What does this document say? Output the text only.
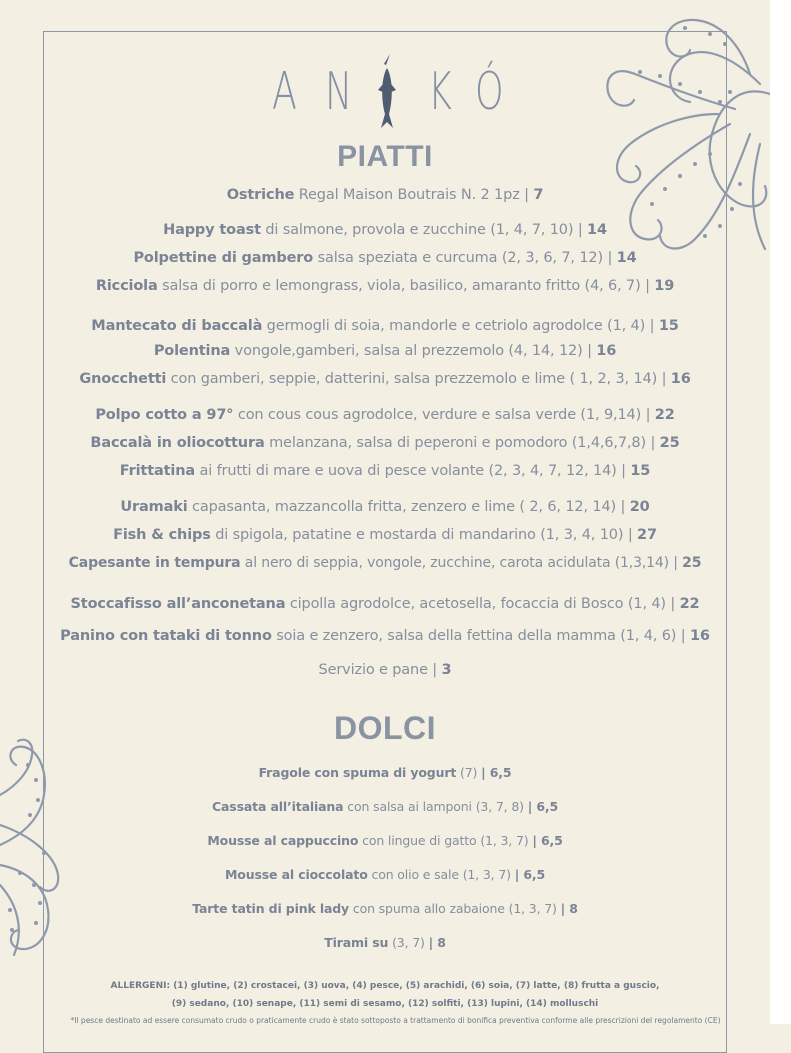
A N K Ó
PIATTI
Ostriche Regal Maison Boutrais N. 2 1pz | 7
Happy toast di salmone, provola e zucchine (1, 4, 7, 10) | 14
Polpettine di gambero salsa speziata e curcuma (2, 3, 6, 7, 12) | 14
Ricciola salsa di porro e lemongrass, viola, basilico, amaranto fritto (4, 6, 7) | 19
Mantecato di baccalà germogli di soia, mandorle e cetriolo agrodolce (1, 4) | 15
Polentina vongole,gamberi, salsa al prezzemolo (4, 14, 12) | 16
Gnocchetti con gamberi, seppie, datterini, salsa prezzemolo e lime ( 1, 2, 3, 14) | 16
Polpo cotto a 97° con cous cous agrodolce, verdure e salsa verde (1, 9,14) | 22
Baccalà in oliocottura melanzana, salsa di peperoni e pomodoro (1,4,6,7,8) | 25
Frittatina ai frutti di mare e uova di pesce volante (2, 3, 4, 7, 12, 14) | 15
Uramaki capasanta, mazzancolla fritta, zenzero e lime ( 2, 6, 12, 14) | 20
Fish & chips di spigola, patatine e mostarda di mandarino (1, 3, 4, 10) | 27
Capesante in tempura al nero di seppia, vongole, zucchine, carota acidulata (1,3,14) | 25
Stoccafisso all’anconetana cipolla agrodolce, acetosella, focaccia di Bosco (1, 4) | 22
Panino con tataki di tonno soia e zenzero, salsa della fettina della mamma (1, 4, 6) | 16
Servizio e pane | 3
DOLCI
Fragole con spuma di yogurt (7) | 6,5
Cassata all’italiana con salsa ai lamponi (3, 7, 8) | 6,5
Mousse al cappuccino con lingue di gatto (1, 3, 7) | 6,5
Mousse al cioccolato con olio e sale (1, 3, 7) | 6,5
Tarte tatin di pink lady con spuma allo zabaione (1, 3, 7) | 8
Tirami su (3, 7) | 8
ALLERGENI: (1) glutine, (2) crostacei, (3) uova, (4) pesce, (5) arachidi, (6) soia, (7) latte, (8) frutta a guscio,
(9) sedano, (10) senape, (11) semi di sesamo, (12) solfiti, (13) lupini, (14) molluschi
*Il pesce destinato ad essere consumato crudo o praticamente crudo è stato sottoposto a trattamento di bonifica preventiva conforme alle prescrizioni del regolamento (CE)
